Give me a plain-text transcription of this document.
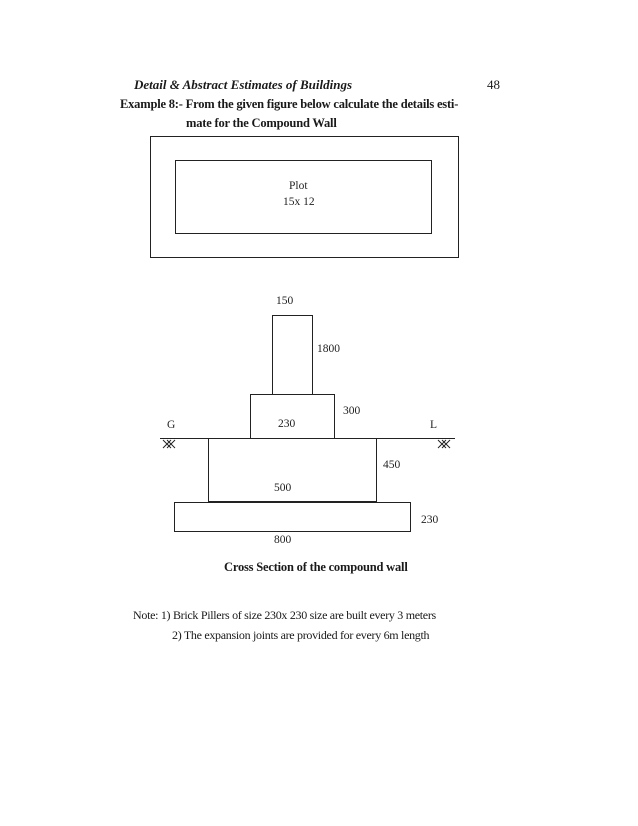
Detail & Abstract Estimates of Buildings	48
Example 8:- From the given figure below calculate the details esti-
mate for the Compound Wall
Plot
15x 12
150
1800
300
230
G	L
450
500
230
800
Cross Section of the compound wall
Note: 1) Brick Pillers of size 230x 230 size are built every 3 meters
2) The expansion joints are provided for every 6m length
